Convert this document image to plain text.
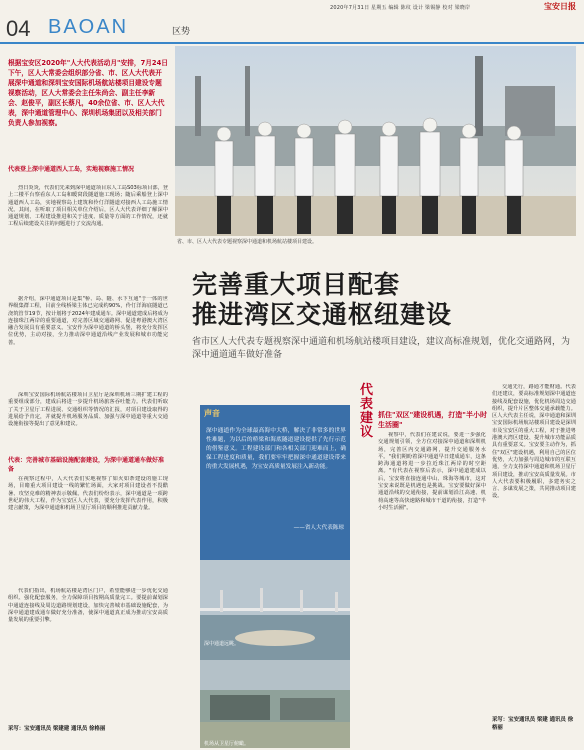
2020年7月31日 星期五 编辑 陈纹 设计 梁锡静 校对 梁晓岸	宝安日报
04 BAOAN	区势
根据宝安区2020年"人大代表活动月"安排，7月24日下午，区人大常委会组织部分省、市、区人大代表开展深中通道和深圳宝安国际机场航站楼项目建设专题视察活动，区人大常委会主任朱尚会、副主任李新会、赵俊平，副区长蔡凡，40余位省、市、区人大代表，深中通道管理中心、深圳机场集团以及相关部门负责人参加视察。
代表登上深中通道西人工岛，实地视察施工情况
烈日炎炎，代表们先来到深中通道项目东人工岛S03标项目部，登上二楼平台察看东人工岛和暖窝段隧道施工现场；随后乘船登上深中通道西人工岛，实地视察岛上建筑和伶仃洋隧道对接西人工岛施工情况。其间，在听取了项目相关单位介绍后，区人大代表详细了解深中通道规划、工程建设推进和关于进度、质量等方面的工作情况，还就工程后续建设关注的问题进行了交流沟通。
据介绍，深中通道项目是集"桥、岛、隧、水下互通"于一体的世界级集群工程，目前全线桥梁主体已完成约90%，伶仃洋海底隧道已浇筑管节19节，按计划将于2024年建成通车。深中通道建成后将成为连接珠江两岸的重要通道，对完善区域交通路网、促进粤港澳大湾区融合发展具有重要意义。宝安作为深中通道的桥头堡，将充分发挥区位优势，主动对接，全力推动深中通道沿线产业发展和城市功能完善。
深圳宝安国际机场航站楼项目卫星厅是深圳机场三期扩建工程的重要组成部分，建成后将进一步提升机场旅客吞吐能力。代表们听取了关于卫星厅工程进展、交通组织等情况的汇报，对项目建设取得的进展给予肯定，并就提升机场服务品质、加强与深中通道等重大交通设施衔接等提出了意见和建议。
代表：完善城市基础设施配套建设，为深中通道通车做好准备
在视察过程中，人大代表们实地视察了如火如荼建设的施工现场，目睹重大项目建设一线的繁忙场面，大家对项目建设者不畏酷暑、攻坚克难的精神表示敬佩。代表们纷纷表示，深中通道是一项跨世纪的伟大工程，作为宝安区人大代表，要充分发挥代表作用，积极建言献策，为深中通道和机场卫星厅项目的顺利推进贡献力量。
代表们指出，机场航站楼是湾区门户，希望能够进一步优化交通组织、强化配套服务，全力保障项目按期高质量完工。要提前谋划深中通道连接线及周边道路规划建设，加快完善城市基础设施配套，为深中通道建成通车做好充分准备，使深中通道真正成为推动宝安高质量发展的重要引擎。
采写：宝安通讯员 梁建建 通讯员 徐格丽
省、市、区人大代表专题视察深中通道和机场航站楼项目建设。
完善重大项目配套
推进湾区交通枢纽建设
省市区人大代表专题视察深中通道和机场航站楼项目建设，建议高标准规划，优化交通路网，为深中通道通车做好准备
声音
深中通道作为全球最高海中大桥，解决了非常多的世界性难题，为以后的桥梁和海底隧道建设提供了先行示范的借鉴意义。工程建设部门和各相关部门迎难而上，确保工程进度和质量，我们要牢牢把握深中通道建设带来的重大发展机遇，为宝安高质量发展注入新动能。
——省人大代表陈琼
深中通道远眺。
机场从卫星厅俯瞰。
代表建议
抓住"双区"建设机遇，打造"半小时生活圈"
视察中，代表们在建议说，要进一步强化交通规划引领，全方位对接深中通道和深圳机场，完善区内交通路网，提升交通服务水平。"我们期盼着深中通道早日建成通车，这条跨海通道将进一步拉近珠江两岸的时空距离。"有代表在视察后表示，深中通道建成以后，宝安将直接连通中山、珠海等城市，这对宝安来说既是机遇也是挑战。宝安要做好深中通道沿线的交通衔接，提前谋划沿江高速、机荷高速等高快速路和城市干道的衔接，打造"半小时生活圈"。
交通先行，路通才能财通。代表们还建议，要高标准规划深中通道连接线及配套设施，优化机场周边交通组织，提升片区整体交通承载能力。区人大代表主任说，深中通道和深圳宝安国际机场航站楼项目建设是深圳市及宝安区的重大工程，对于推进粤港澳大湾区建设、提升城市功能品质具有重要意义。宝安要主动作为，抓住"双区"建设机遇，利用自己的区位优势，大力加强与周边城市的互联互通，全力支持深中通道和机场卫星厅项目建设，推动宝安高质量发展。市人大代表要积极履职，多建务实之言、多谋发展之策，共同推动项目建设。
采写：宝安通讯员 梁建 通讯员 徐格丽
